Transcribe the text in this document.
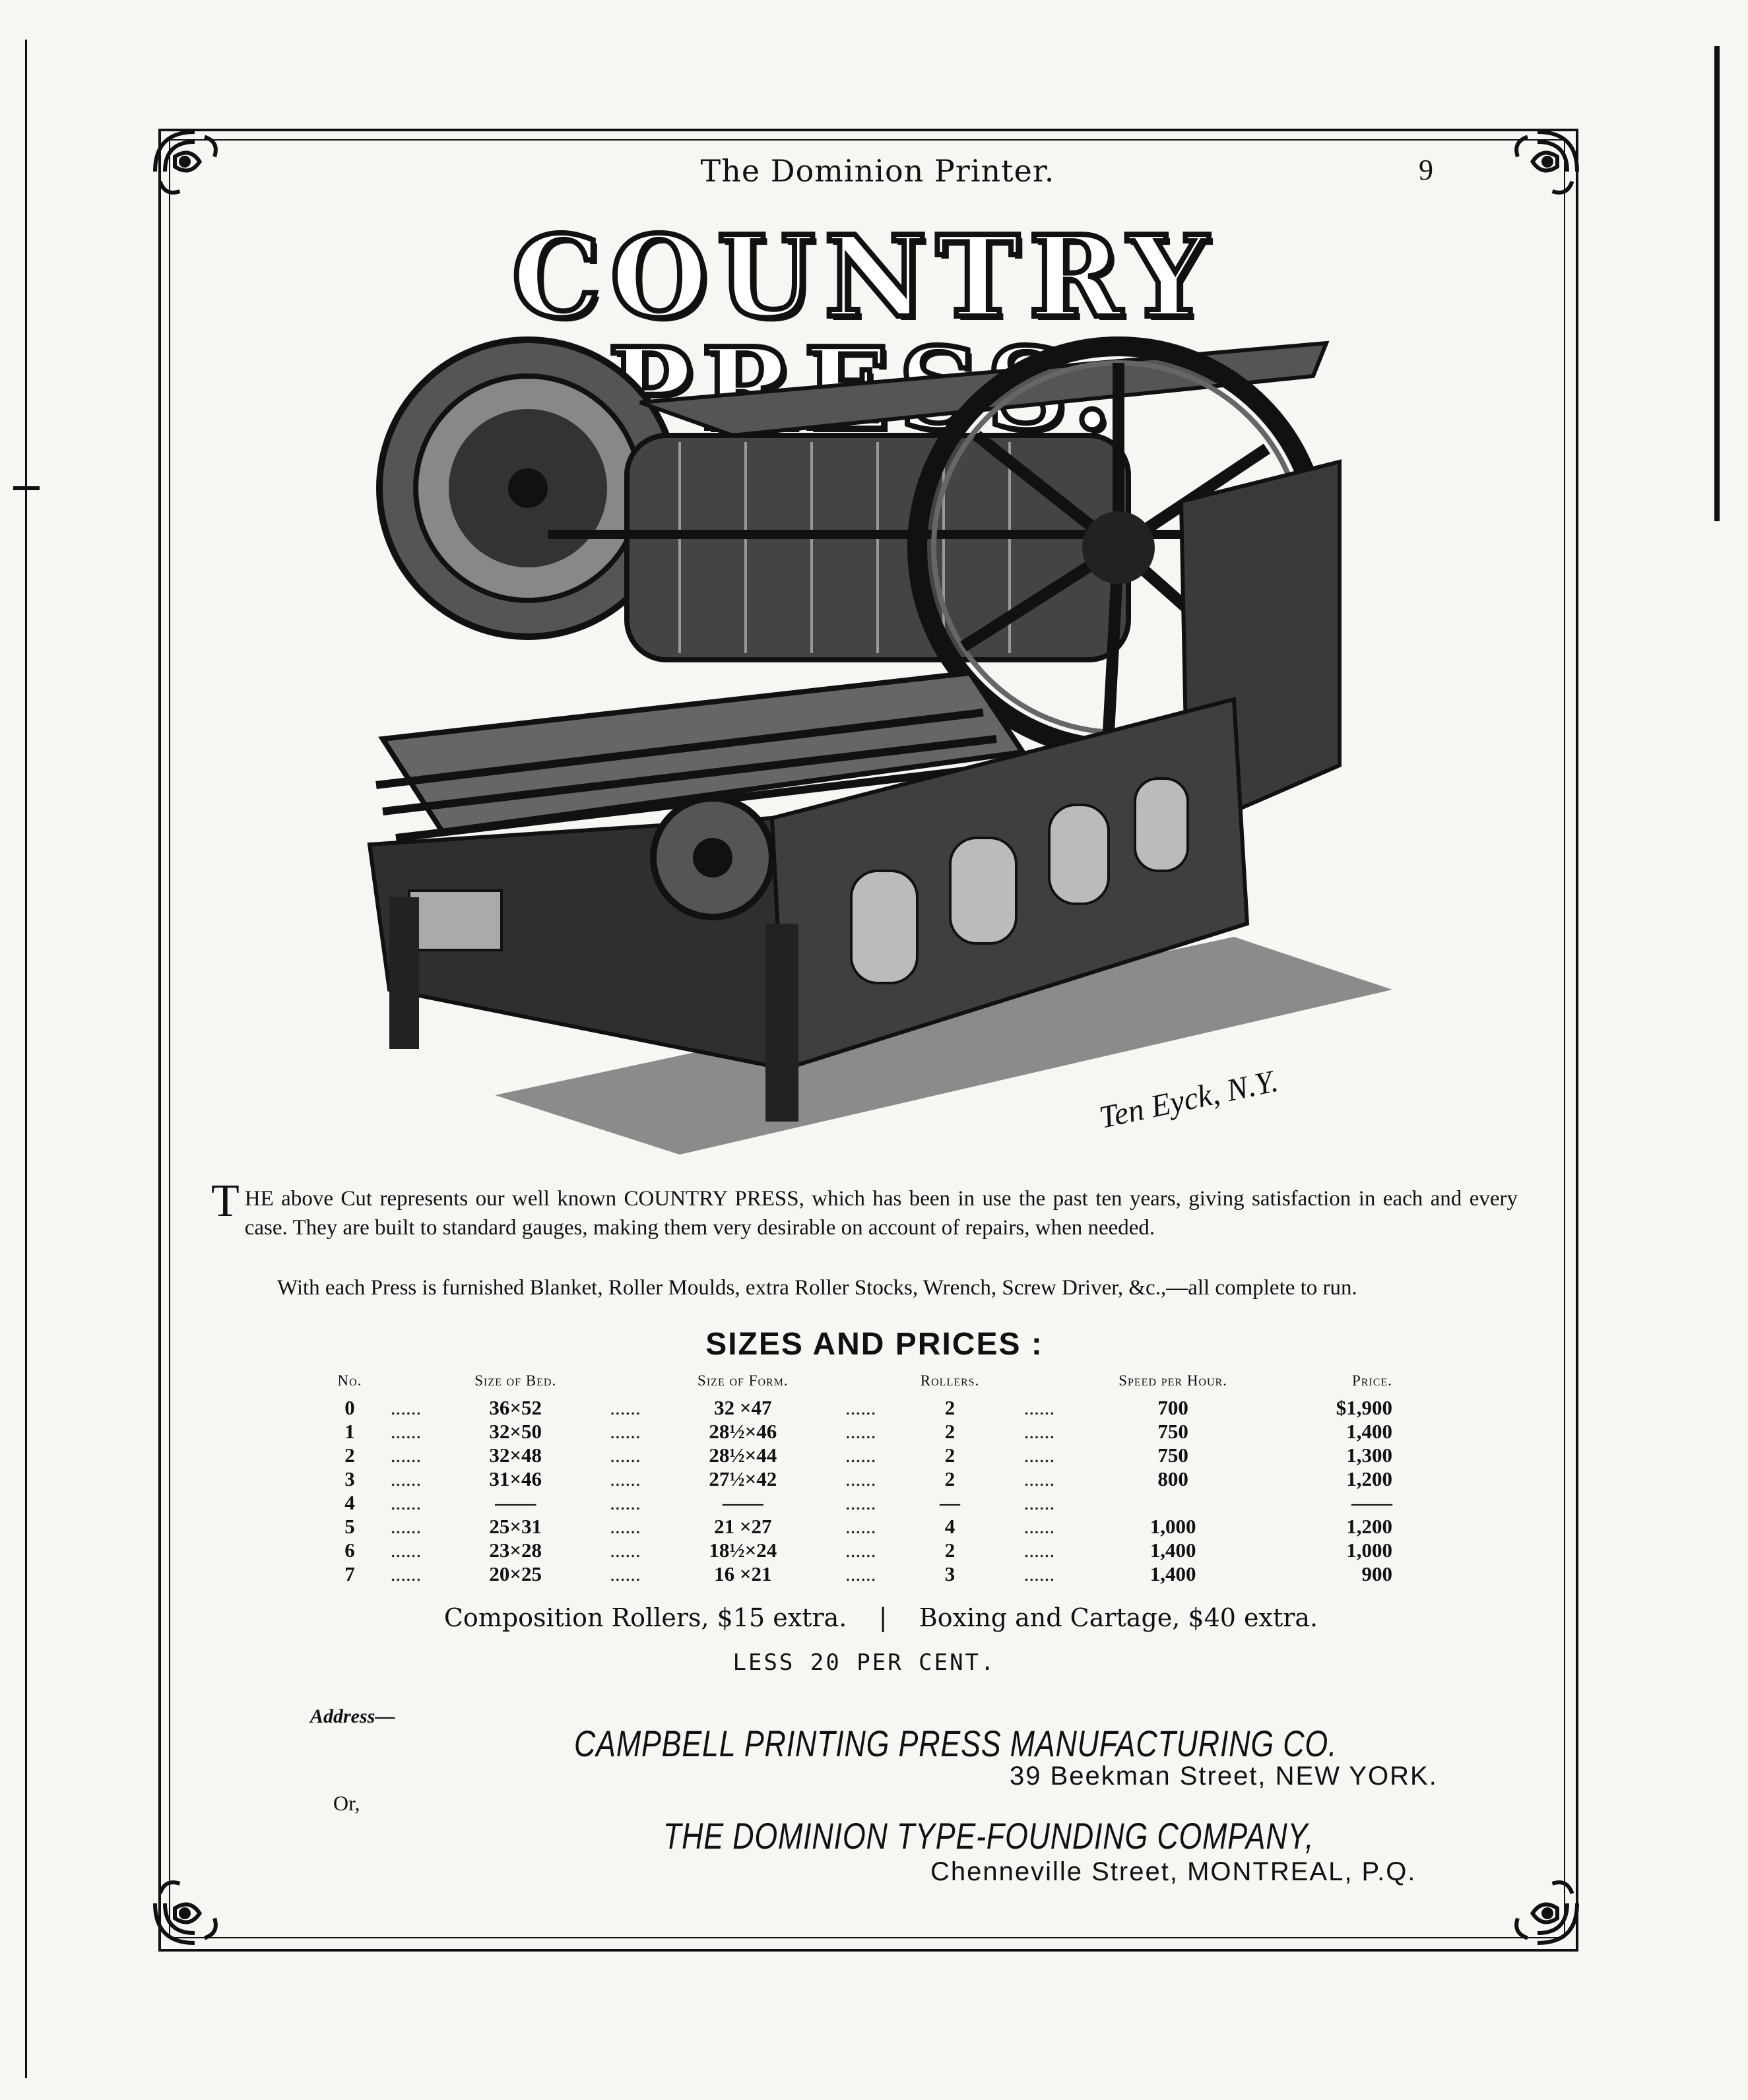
The Dominion Printer.	9
COUNTRY
Ten Eyck, N.Y.
THE above Cut represents our well known COUNTRY PRESS, which has been in use the past ten years, giving satisfaction in each and every case. They are built to standard gauges, making them very desirable on account of repairs, when needed.
With each Press is furnished Blanket, Roller Moulds, extra Roller Stocks, Wrench, Screw Driver, &c.,—all complete to run.
SIZES AND PRICES :
No.		Size of Bed.		Size of Form.		Rollers.		Speed per Hour.	Price.
0	......	36×52	......	32 ×47	......	2	......	700	$1,900
1	......	32×50	......	28½×46	......	2	......	750	1,400
2	......	32×48	......	28½×44	......	2	......	750	1,300
3	......	31×46	......	27½×42	......	2	......	800	1,200
4	......	——	......	——	......	—	......		——
5	......	25×31	......	21 ×27	......	4	......	1,000	1,200
6	......	23×28	......	18½×24	......	2	......	1,400	1,000
7	......	20×25	......	16 ×21	......	3	......	1,400	900
Composition Rollers, $15 extra. | Boxing and Cartage, $40 extra.
LESS 20 PER CENT.
Address—
CAMPBELL PRINTING PRESS MANUFACTURING CO.
39 Beekman Street, NEW YORK.
Or,
THE DOMINION TYPE-FOUNDING COMPANY,
Chenneville Street, MONTREAL, P.Q.
